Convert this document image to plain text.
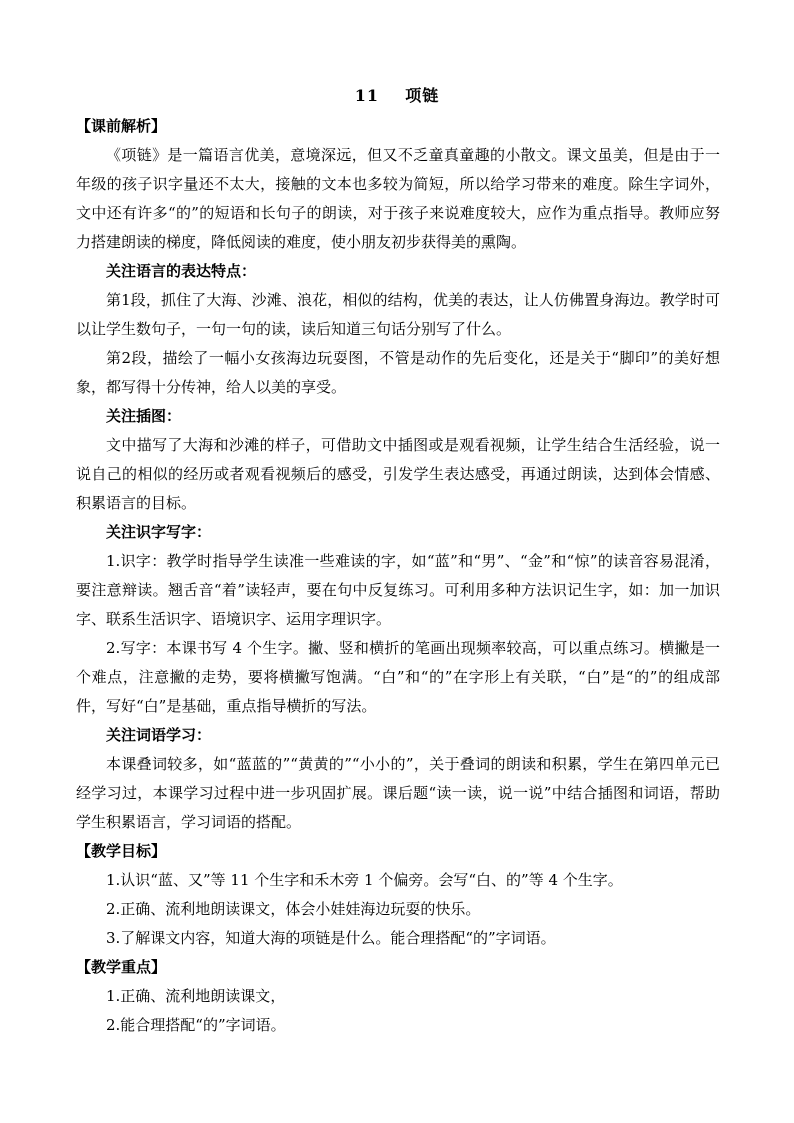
11    项链
【课前解析】

《项链》是一篇语言优美，意境深远，但又不乏童真童趣的小散文。课文虽美，但是由于一年级的孩子识字量还不太大，接触的文本也多较为简短，所以给学习带来的难度。除生字词外，文中还有许多“的”的短语和长句子的朗读，对于孩子来说难度较大，应作为重点指导。教师应努力搭建朗读的梯度，降低阅读的难度，使小朋友初步获得美的熏陶。

关注语言的表达特点：

第1段，抓住了大海、沙滩、浪花，相似的结构，优美的表达，让人仿佛置身海边。教学时可以让学生数句子，一句一句的读，读后知道三句话分别写了什么。

第2段，描绘了一幅小女孩海边玩耍图，不管是动作的先后变化，还是关于“脚印”的美好想象，都写得十分传神，给人以美的享受。

关注插图：

文中描写了大海和沙滩的样子，可借助文中插图或是观看视频，让学生结合生活经验，说一说自己的相似的经历或者观看视频后的感受，引发学生表达感受，再通过朗读，达到体会情感、积累语言的目标。

关注识字写字：

1.识字：教学时指导学生读准一些难读的字，如“蓝”和“男”、“金”和“惊”的读音容易混淆，要注意辩读。翘舌音“着”读轻声，要在句中反复练习。可利用多种方法识记生字，如：加一加识字、联系生活识字、语境识字、运用字理识字。

2.写字：本课书写 4 个生字。撇、竖和横折的笔画出现频率较高，可以重点练习。横撇是一个难点，注意撇的走势，要将横撇写饱满。“白”和“的”在字形上有关联，“白”是“的”的组成部件，写好“白”是基础，重点指导横折的写法。

关注词语学习：

本课叠词较多，如“蓝蓝的”“黄黄的”“小小的”，关于叠词的朗读和积累，学生在第四单元已经学习过，本课学习过程中进一步巩固扩展。课后题“读一读，说一说”中结合插图和词语，帮助学生积累语言，学习词语的搭配。

【教学目标】

1.认识“蓝、又”等 11 个生字和禾木旁 1 个偏旁。会写“白、的”等 4 个生字。

2.正确、流利地朗读课文，体会小娃娃海边玩耍的快乐。

3.了解课文内容，知道大海的项链是什么。能合理搭配“的”字词语。

【教学重点】

1.正确、流利地朗读课文，

2.能合理搭配“的”字词语。
